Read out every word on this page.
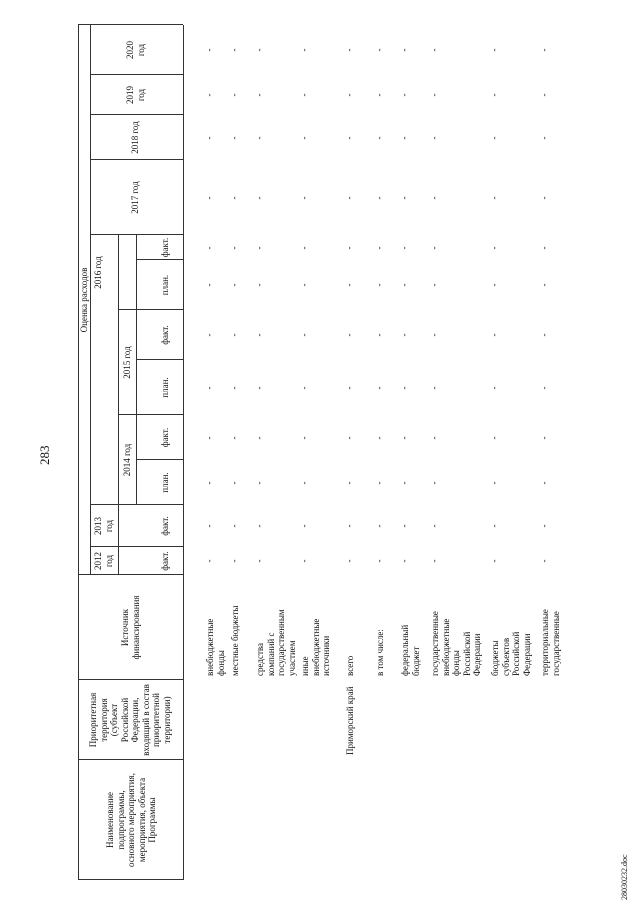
283
28030232.doc
Наименование подпрограммы, основного мероприятия, мероприятия, объекта Программы
Приоритетная территория (субъект Российской Федерации, входящий в состав приоритетной территории)
Источник финансирования
Оценка расходов
2012 год
2013 год
2014 год
2015 год
2016 год
2017 год
2018 год
2019 год
2020 год
факт.
факт.
план.
факт.
план.
факт.
план.
факт.
Приморский край
внебюджетные фонды местные бюджеты средства компаний с государственным участием иные внебюджетные источники всего в том числе: федеральный бюджет государственные внебюджетные фонды Российской Федерации бюджеты субъектов Российской Федерации территориальные государственные
-
-
-
-
-
-
-
-
-
-
-
-
-
-
-
-
-
-
-
-
-
-
-
-
-
-
-
-
-
-
-
-
-
-
-
-
-
-
-
-
-
-
-
-
-
-
-
-
-
-
-
-
-
-
-
-
-
-
-
-
-
-
-
-
-
-
-
-
-
-
-
-
-
-
-
-
-
-
-
-
-
-
-
-
-
-
-
-
-
-
-
-
-
-
-
-
-
-
-
-
-
-
-
-
-
-
-
-
-
-
-
-
-
-
-
-
-
-
-
-
